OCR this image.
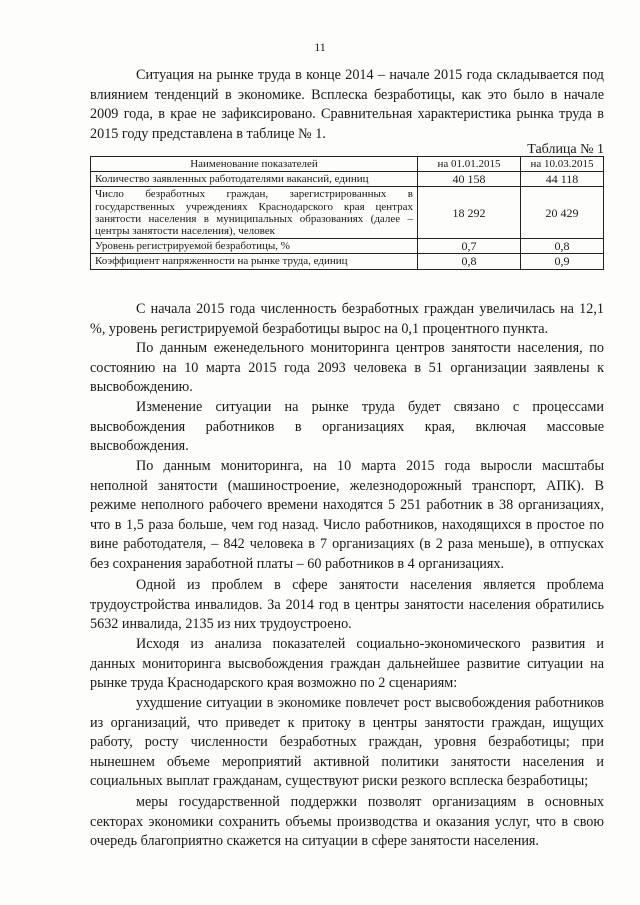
11

Ситуация на рынке труда в конце 2014 – начале 2015 года складывается под влиянием тенденций в экономике. Всплеска безработицы, как это было в начале 2009 года, в крае не зафиксировано. Сравнительная характеристика рынка труда в 2015 году представлена в таблице № 1.

Таблица № 1
Наименование показателей	на 01.01.2015	на 10.03.2015
Количество заявленных работодателями вакансий, единиц	40 158	44 118
Число безработных граждан, зарегистрированных в государственных учреждениях Краснодарского края центрах занятости населения в муниципальных образованиях (далее – центры занятости населения), человек	18 292	20 429
Уровень регистрируемой безработицы, %	0,7	0,8
Коэффициент напряженности на рынке труда, единиц	0,8	0,9

С начала 2015 года численность безработных граждан увеличилась на 12,1 %, уровень регистрируемой безработицы вырос на 0,1 процентного пункта.

По данным еженедельного мониторинга центров занятости населения, по состоянию на 10 марта 2015 года 2093 человека в 51 организации заявлены к высвобождению.

Изменение ситуации на рынке труда будет связано с процессами высвобождения работников в организациях края, включая массовые высвобождения.

По данным мониторинга, на 10 марта 2015 года выросли масштабы неполной занятости (машиностроение, железнодорожный транспорт, АПК). В режиме неполного рабочего времени находятся 5 251 работник в 38 организациях, что в 1,5 раза больше, чем год назад. Число работников, находящихся в простое по вине работодателя, – 842 человека в 7 организациях (в 2 раза меньше), в отпусках без сохранения заработной платы – 60 работников в 4 организациях.

Одной из проблем в сфере занятости населения является проблема трудоустройства инвалидов. За 2014 год в центры занятости населения обратились 5632 инвалида, 2135 из них трудоустроено.

Исходя из анализа показателей социально-экономического развития и данных мониторинга высвобождения граждан дальнейшее развитие ситуации на рынке труда Краснодарского края возможно по 2 сценариям:

ухудшение ситуации в экономике повлечет рост высвобождения работников из организаций, что приведет к притоку в центры занятости граждан, ищущих работу, росту численности безработных граждан, уровня безработицы; при нынешнем объеме мероприятий активной политики занятости населения и социальных выплат гражданам, существуют риски резкого всплеска безработицы;

меры государственной поддержки позволят организациям в основных секторах экономики сохранить объемы производства и оказания услуг, что в свою очередь благоприятно скажется на ситуации в сфере занятости населения.
